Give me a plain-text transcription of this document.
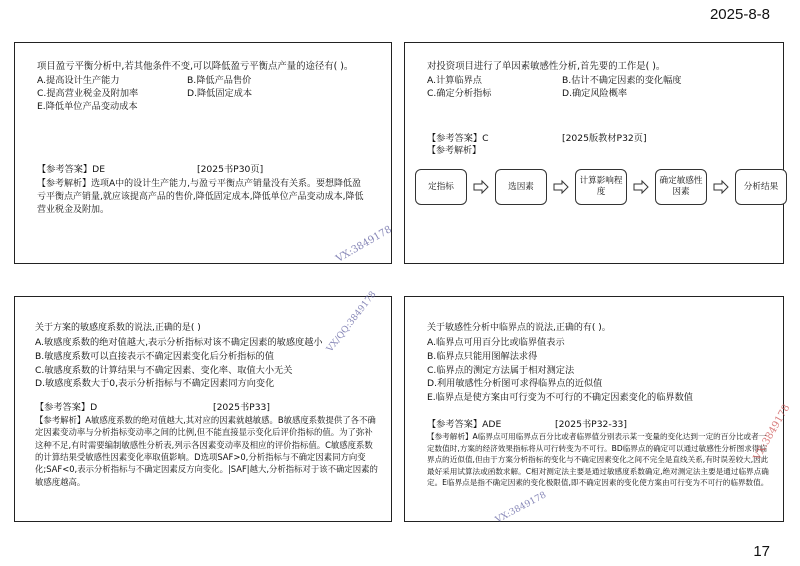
2025-8-8

项目盈亏平衡分析中,若其他条件不变,可以降低盈亏平衡点产量的途径有( )。

A.提高设计生产能力	B.降低产品售价
C.提高营业税金及附加率	D.降低固定成本
E.降低单位产品变动成本
【参考答案】DE	[2025书P30页]

【参考解析】选项A中的设计生产能力,与盈亏平衡点产销量没有关系。要想降低盈亏平衡点产销量,就应该提高产品的售价,降低固定成本,降低单位产品变动成本,降低营业税金及附加。

VX:3849178

对投资项目进行了单因素敏感性分析,首先要的工作是( )。

A.计算临界点	B.估计不确定因素的变化幅度
C.确定分析指标	D.确定风险概率
【参考答案】C	[2025版教材P32页]

【参考解析】

定指标	选因素
计算影响程度
确定敏感性因素
分析结果

关于方案的敏感度系数的说法,正确的是( )

A.敏感度系数的绝对值越大,表示分析指标对该不确定因素的敏感度越小

B.敏感度系数可以直接表示不确定因素变化后分析指标的值

C.敏感度系数的计算结果与不确定因素、变化率、取值大小无关

D.敏感度系数大于0,表示分析指标与不确定因素同方向变化

【参考答案】D	[2025书P33]

【参考解析】A敏感度系数的绝对值越大,其对应的因素就越敏感。B敏感度系数提供了各不确定因素变动率与分析指标变动率之间的比例,但不能直接显示变化后评价指标的值。为了弥补这种不足,有时需要编制敏感性分析表,列示各因素变动率及相应的评价指标值。C敏感度系数的计算结果受敏感性因素变化率取值影响。D选项SAF>0,分析指标与不确定因素同方向变化;SAF<0,表示分析指标与不确定因素反方向变化。|SAF|越大,分析指标对于该不确定因素的敏感度越高。

VX/QQ:3849178	关于敏感性分析中临界点的说法,正确的有( )。

A.临界点可用百分比或临界值表示

B.临界点只能用图解法求得

C.临界点的测定方法属于相对测定法

D.利用敏感性分析图可求得临界点的近似值

E.临界点是使方案由可行变为不可行的不确定因素变化的临界数值

【参考答案】ADE	[2025书P32-33]

【参考解析】A临界点可用临界点百分比或者临界值分别表示某一变量的变化达到一定的百分比或者一定数值时,方案的经济效果指标将从可行转变为不可行。BD临界点的确定可以通过敏感性分析图求得临界点的近似值,但由于方案分析指标的变化与不确定因素变化之间不完全是直线关系,有时误差较大,因此最好采用试算法或函数求解。C相对测定法主要是通过敏感度系数确定,绝对测定法主要是通过临界点确定。E临界点是指不确定因素的变化极限值,即不确定因素的变化使方案由可行变为不可行的临界数值。

VX:3849178
VX:3849178
17
